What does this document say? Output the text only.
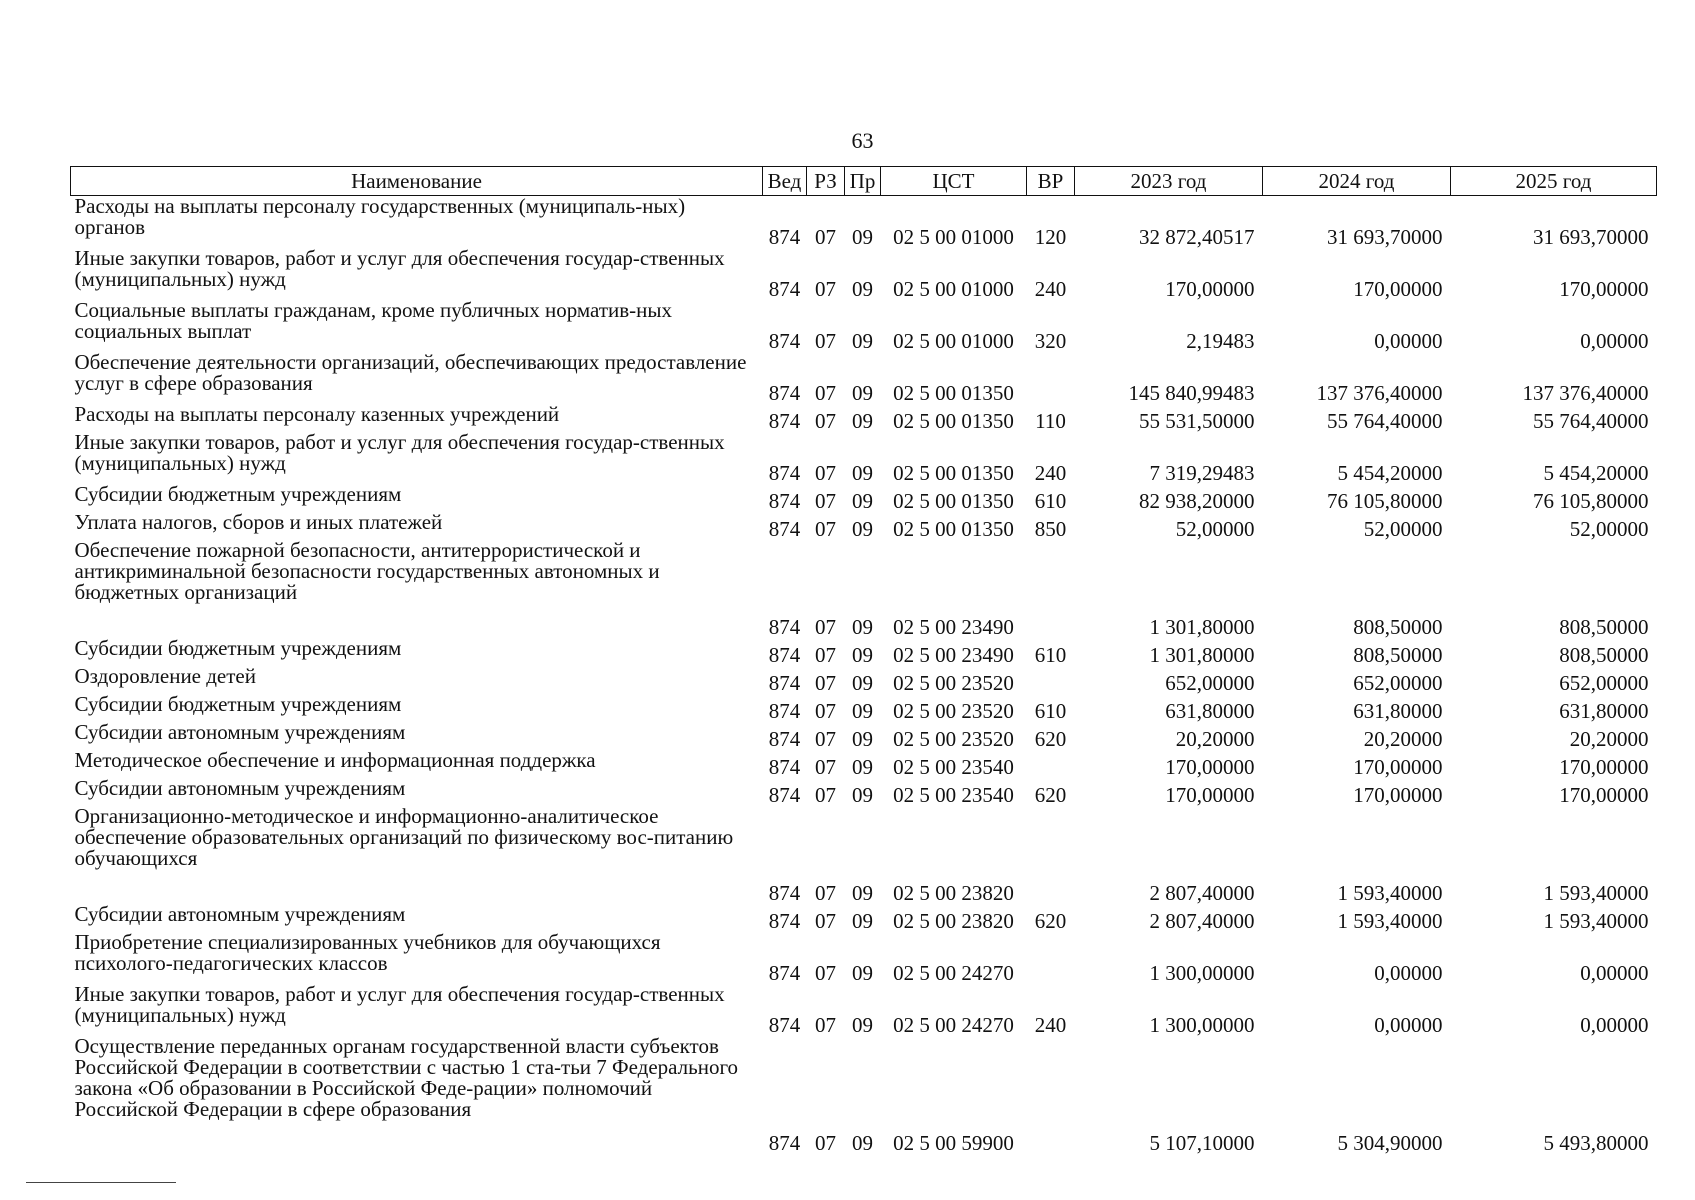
63
Наименование	Вед	РЗ	Пр	ЦСТ	ВР	2023 год	2024 год	2025 год
Расходы на выплаты персоналу государственных (муниципаль-ных) органов	874	07	09	02 5 00 01000	120	32 872,40517	31 693,70000	31 693,70000
Иные закупки товаров, работ и услуг для обеспечения государ-ственных (муниципальных) нужд	874	07	09	02 5 00 01000	240	170,00000	170,00000	170,00000
Социальные выплаты гражданам, кроме публичных норматив-ных социальных выплат	874	07	09	02 5 00 01000	320	2,19483	0,00000	0,00000
Обеспечение деятельности организаций, обеспечивающих предоставление услуг в сфере образования	874	07	09	02 5 00 01350		145 840,99483	137 376,40000	137 376,40000
Расходы на выплаты персоналу казенных учреждений	874	07	09	02 5 00 01350	110	55 531,50000	55 764,40000	55 764,40000
Иные закупки товаров, работ и услуг для обеспечения государ-ственных (муниципальных) нужд	874	07	09	02 5 00 01350	240	7 319,29483	5 454,20000	5 454,20000
Субсидии бюджетным учреждениям	874	07	09	02 5 00 01350	610	82 938,20000	76 105,80000	76 105,80000
Уплата налогов, сборов и иных платежей	874	07	09	02 5 00 01350	850	52,00000	52,00000	52,00000
Обеспечение пожарной безопасности, антитеррористической и антикриминальной безопасности государственных автономных и бюджетных организаций	874	07	09	02 5 00 23490		1 301,80000	808,50000	808,50000
Субсидии бюджетным учреждениям	874	07	09	02 5 00 23490	610	1 301,80000	808,50000	808,50000
Оздоровление детей	874	07	09	02 5 00 23520		652,00000	652,00000	652,00000
Субсидии бюджетным учреждениям	874	07	09	02 5 00 23520	610	631,80000	631,80000	631,80000
Субсидии автономным учреждениям	874	07	09	02 5 00 23520	620	20,20000	20,20000	20,20000
Методическое обеспечение и информационная поддержка	874	07	09	02 5 00 23540		170,00000	170,00000	170,00000
Субсидии автономным учреждениям	874	07	09	02 5 00 23540	620	170,00000	170,00000	170,00000
Организационно-методическое и информационно-аналитическое обеспечение образовательных организаций по физическому вос-питанию обучающихся	874	07	09	02 5 00 23820		2 807,40000	1 593,40000	1 593,40000
Субсидии автономным учреждениям	874	07	09	02 5 00 23820	620	2 807,40000	1 593,40000	1 593,40000
Приобретение специализированных учебников для обучающихся психолого-педагогических классов	874	07	09	02 5 00 24270		1 300,00000	0,00000	0,00000
Иные закупки товаров, работ и услуг для обеспечения государ-ственных (муниципальных) нужд	874	07	09	02 5 00 24270	240	1 300,00000	0,00000	0,00000
Осуществление переданных органам государственной власти субъектов Российской Федерации в соответствии с частью 1 ста-тьи 7 Федерального закона «Об образовании в Российской Феде-рации» полномочий Российской Федерации в сфере образования	874	07	09	02 5 00 59900		5 107,10000	5 304,90000	5 493,80000
